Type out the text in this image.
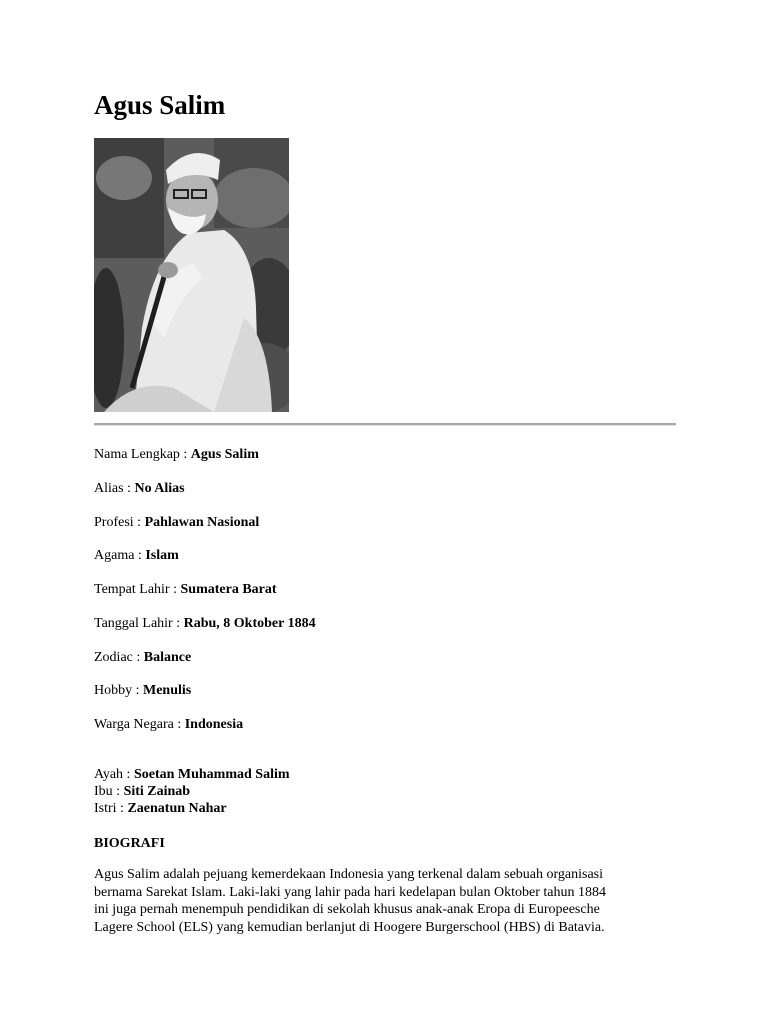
Agus Salim
Nama Lengkap : Agus Salim
Alias : No Alias
Profesi : Pahlawan Nasional
Agama : Islam
Tempat Lahir : Sumatera Barat
Tanggal Lahir : Rabu, 8 Oktober 1884
Zodiac : Balance
Hobby : Menulis
Warga Negara : Indonesia
Ayah : Soetan Muhammad Salim
Ibu : Siti Zainab
Istri : Zaenatun Nahar
BIOGRAFI
Agus Salim adalah pejuang kemerdekaan Indonesia yang terkenal dalam sebuah organisasi
bernama Sarekat Islam. Laki-laki yang lahir pada hari kedelapan bulan Oktober tahun 1884
ini juga pernah menempuh pendidikan di sekolah khusus anak-anak Eropa di Europeesche
Lagere School (ELS) yang kemudian berlanjut di Hoogere Burgerschool (HBS) di Batavia.
